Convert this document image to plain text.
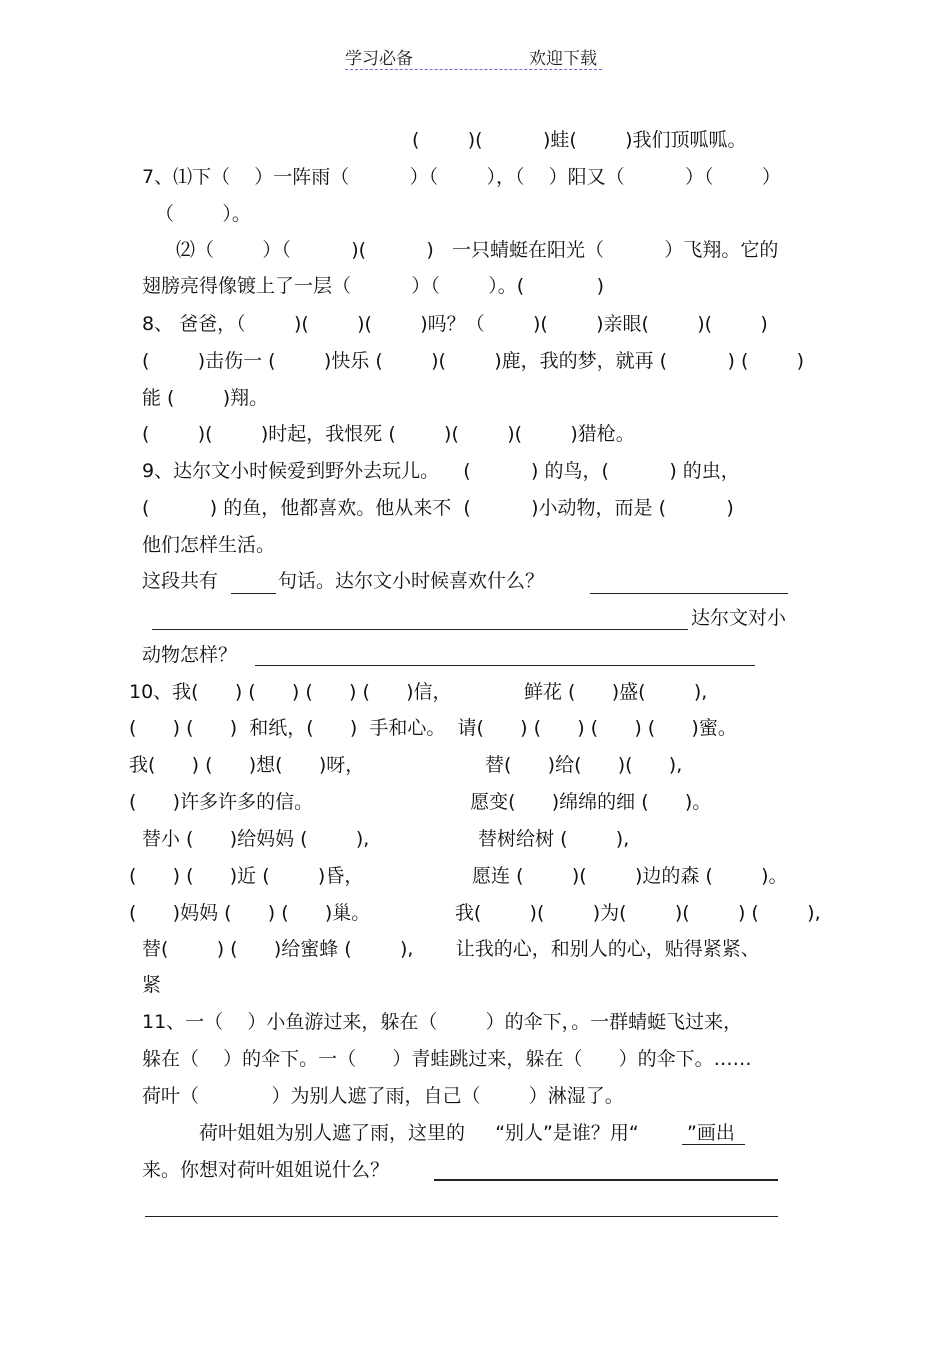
学习必备	欢迎下载
(        )(          )蛙(        )我们顶呱呱。
7、⑴下（    ）一阵雨（          ）（        ），（    ）阳又（          ）（        ）
（        ）。
⑵（        ）（          )(          )   一只蜻蜓在阳光（          ）飞翔。它的
翅膀亮得像镀上了一层（          ）（        ）。(            )
8、 爸爸，（        )(        )(        )吗？（        )(        )亲眼(        )(        )
(        )击伤一 (        )快乐 (        )(        )鹿，我的梦，就再 (          ) (        )
能 (        )翔。
(        )(        )时起，我恨死 (        )(        )(        )猎枪。
9、达尔文小时候爱到野外去玩儿。    (          ) 的鸟，(          ) 的虫，
(          ) 的鱼，他都喜欢。他从来不  (          )小动物，而是 (          )
他们怎样生活。
这段共有	句话。达尔文小时候喜欢什么？
达尔文对小
动物怎样？
10、我(      ) (      ) (      ) (      )信，            鲜花 (      )盛(        ),
(      ) (      )  和纸，(      )  手和心。  请(      ) (      ) (      ) (      )蜜。
我(      ) (      )想(      )呀，                    替(      )给(      )(      ),
(      )许多许多的信。                          愿变(      )绵绵的细 (      )。
替小 (      )给妈妈 (        ),                  替树给树 (        ),
(      ) (      )近 (        )昏，                  愿连 (        )(        )边的森 (        )。
(      )妈妈 (      ) (      )巢。              我(        )(        )为(        )(        ) (        ),
替(        ) (      )给蜜蜂 (        ),       让我的心，和别人的心，贴得紧紧、
紧
11、一（    ）小鱼游过来，躲在（        ）的伞下，。一群蜻蜓飞过来，
躲在（    ）的伞下。一（      ）青蛙跳过来，躲在（      ）的伞下。……
荷叶（            ）为别人遮了雨，自己（        ）淋湿了。
荷叶姐姐为别人遮了雨，这里的     “别人”是谁？用“        ”画出
来。你想对荷叶姐姐说什么？
